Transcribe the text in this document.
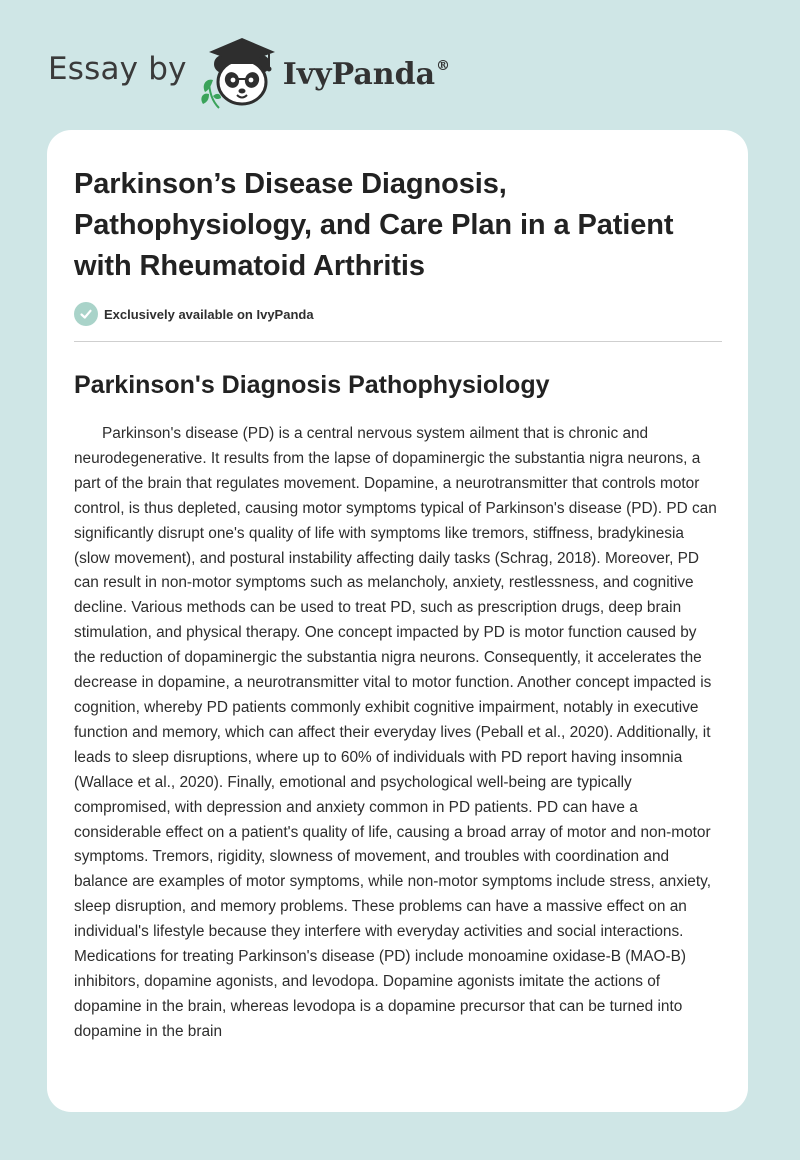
Essay by	IvyPanda®
Parkinson’s Disease Diagnosis, Pathophysiology, and Care Plan in a Patient with Rheumatoid Arthritis
Exclusively available on IvyPanda
Parkinson's Diagnosis Pathophysiology

Parkinson's disease (PD) is a central nervous system ailment that is chronic and neurodegenerative. It results from the lapse of dopaminergic the substantia nigra neurons, a part of the brain that regulates movement. Dopamine, a neurotransmitter that controls motor control, is thus depleted, causing motor symptoms typical of Parkinson's disease (PD). PD can significantly disrupt one's quality of life with symptoms like tremors, stiffness, bradykinesia (slow movement), and postural instability affecting daily tasks (Schrag, 2018). Moreover, PD can result in non-motor symptoms such as melancholy, anxiety, restlessness, and cognitive decline. Various methods can be used to treat PD, such as prescription drugs, deep brain stimulation, and physical therapy. One concept impacted by PD is motor function caused by the reduction of dopaminergic the substantia nigra neurons. Consequently, it accelerates the decrease in dopamine, a neurotransmitter vital to motor function. Another concept impacted is cognition, whereby PD patients commonly exhibit cognitive impairment, notably in executive function and memory, which can affect their everyday lives (Peball et al., 2020). Additionally, it leads to sleep disruptions, where up to 60% of individuals with PD report having insomnia (Wallace et al., 2020). Finally, emotional and psychological well-being are typically compromised, with depression and anxiety common in PD patients. PD can have a considerable effect on a patient's quality of life, causing a broad array of motor and non-motor symptoms. Tremors, rigidity, slowness of movement, and troubles with coordination and balance are examples of motor symptoms, while non-motor symptoms include stress, anxiety, sleep disruption, and memory problems. These problems can have a massive effect on an individual's lifestyle because they interfere with everyday activities and social interactions. Medications for treating Parkinson's disease (PD) include monoamine oxidase-B (MAO-B) inhibitors, dopamine agonists, and levodopa. Dopamine agonists imitate the actions of dopamine in the brain, whereas levodopa is a dopamine precursor that can be turned into dopamine in the brain
